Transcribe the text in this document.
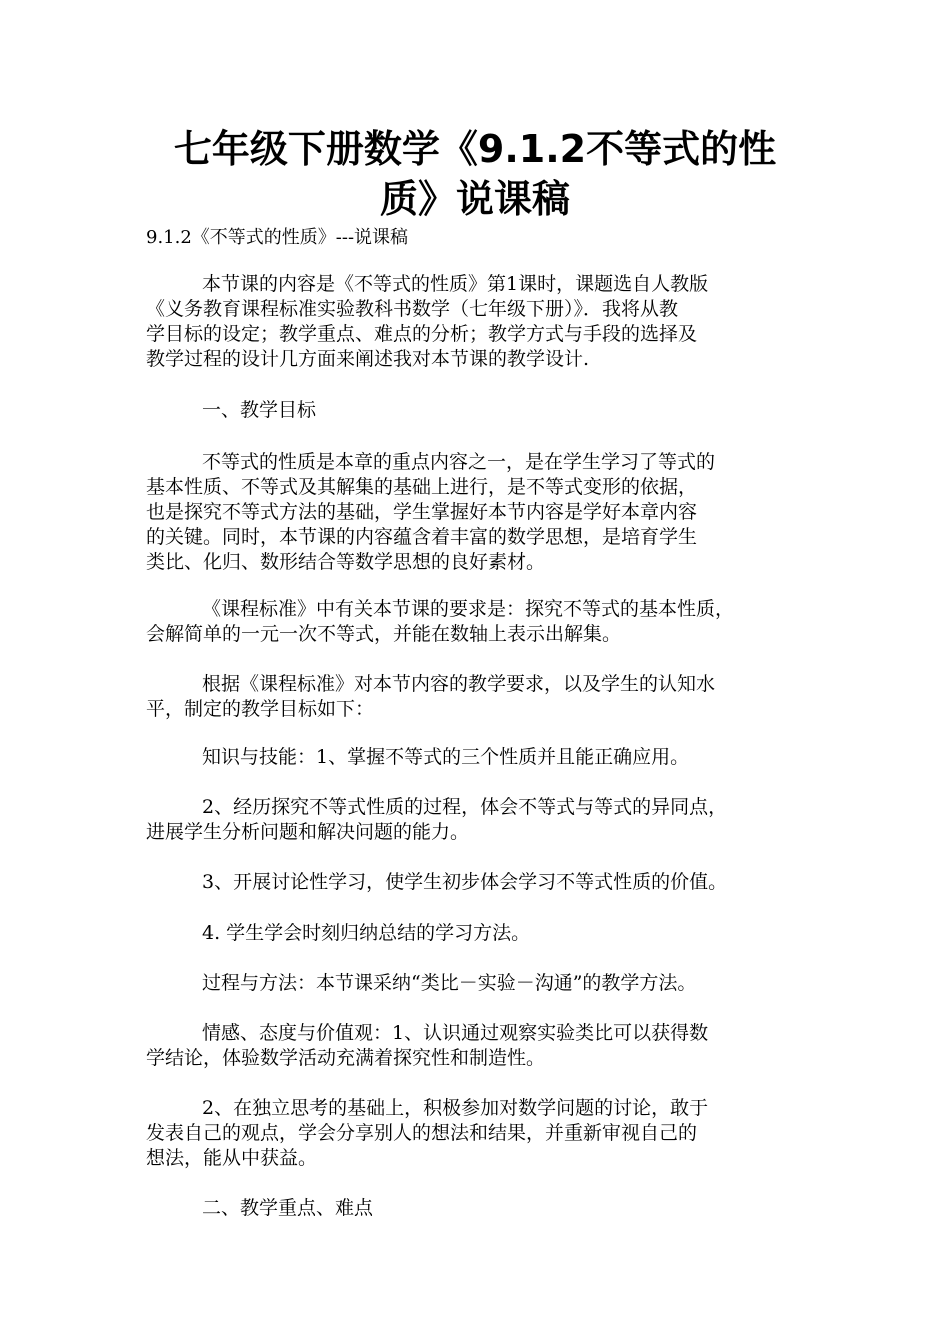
七年级下册数学《9.1.2不等式的性
质》说课稿

9.1.2《不等式的性质》---说课稿

本节课的内容是《不等式的性质》第1课时，课题选自人教版
《义务教育课程标准实验教科书数学（七年级下册）》．我将从教
学目标的设定；教学重点、难点的分析；教学方式与手段的选择及
教学过程的设计几方面来阐述我对本节课的教学设计.

一、教学目标

不等式的性质是本章的重点内容之一，是在学生学习了等式的
基本性质、不等式及其解集的基础上进行，是不等式变形的依据，
也是探究不等式方法的基础，学生掌握好本节内容是学好本章内容
的关键。同时，本节课的内容蕴含着丰富的数学思想，是培育学生
类比、化归、数形结合等数学思想的良好素材。

《课程标准》中有关本节课的要求是：探究不等式的基本性质，
会解简单的一元一次不等式，并能在数轴上表示出解集。

根据《课程标准》对本节内容的教学要求，以及学生的认知水
平，制定的教学目标如下：

知识与技能：1、掌握不等式的三个性质并且能正确应用。

2、经历探究不等式性质的过程，体会不等式与等式的异同点，
进展学生分析问题和解决问题的能力。

3、开展讨论性学习，使学生初步体会学习不等式性质的价值。

4. 学生学会时刻归纳总结的学习方法。

过程与方法：本节课采纳“类比－实验－沟通”的教学方法。

情感、态度与价值观：1、认识通过观察实验类比可以获得数
学结论，体验数学活动充满着探究性和制造性。

2、在独立思考的基础上，积极参加对数学问题的讨论，敢于
发表自己的观点，学会分享别人的想法和结果，并重新审视自己的
想法，能从中获益。

二、教学重点、难点
